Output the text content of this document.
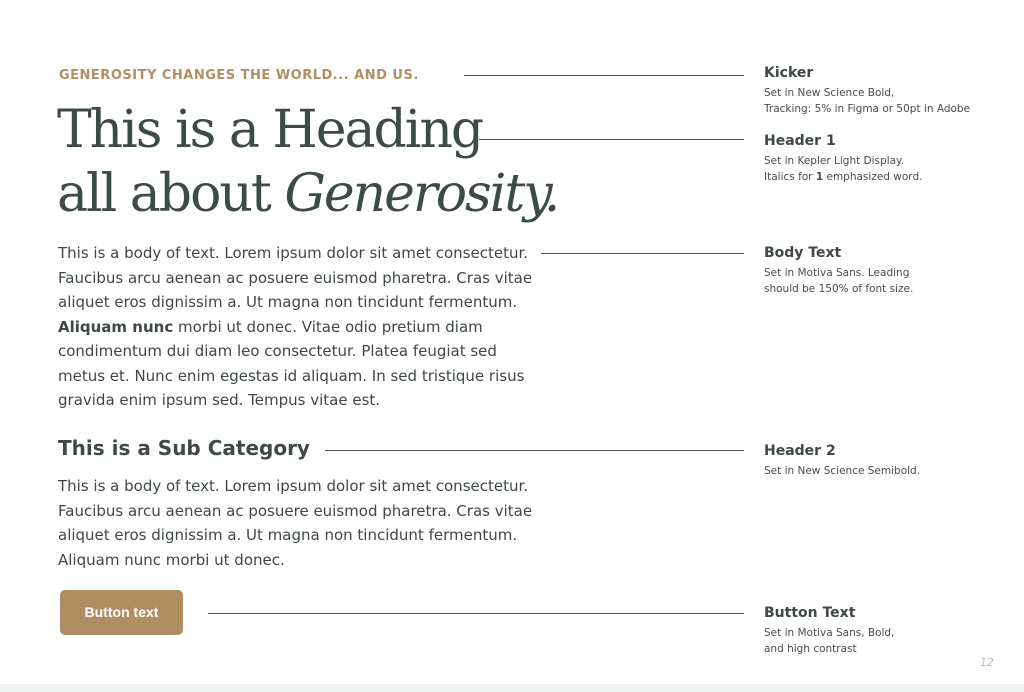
GENEROSITY CHANGES THE WORLD... AND US.
This is a Heading
all about Generosity.

This is a body of text. Lorem ipsum dolor sit amet consectetur.
Faucibus arcu aenean ac posuere euismod pharetra. Cras vitae
aliquet eros dignissim a. Ut magna non tincidunt fermentum.
Aliquam nunc morbi ut donec. Vitae odio pretium diam
condimentum dui diam leo consectetur. Platea feugiat sed
metus et. Nunc enim egestas id aliquam. In sed tristique risus
gravida enim ipsum sed. Tempus vitae est.

This is a Sub Category

This is a body of text. Lorem ipsum dolor sit amet consectetur.
Faucibus arcu aenean ac posuere euismod pharetra. Cras vitae
aliquet eros dignissim a. Ut magna non tincidunt fermentum.
Aliquam nunc morbi ut donec.

Button text
Kicker

Set in New Science Bold,
Tracking: 5% in Figma or 50pt in Adobe

Header 1

Set in Kepler Light Display.
Italics for 1 emphasized word.

Body Text

Set in Motiva Sans. Leading
should be 150% of font size.

Header 2

Set in New Science Semibold.

Button Text

Set in Motiva Sans, Bold,
and high contrast

12
